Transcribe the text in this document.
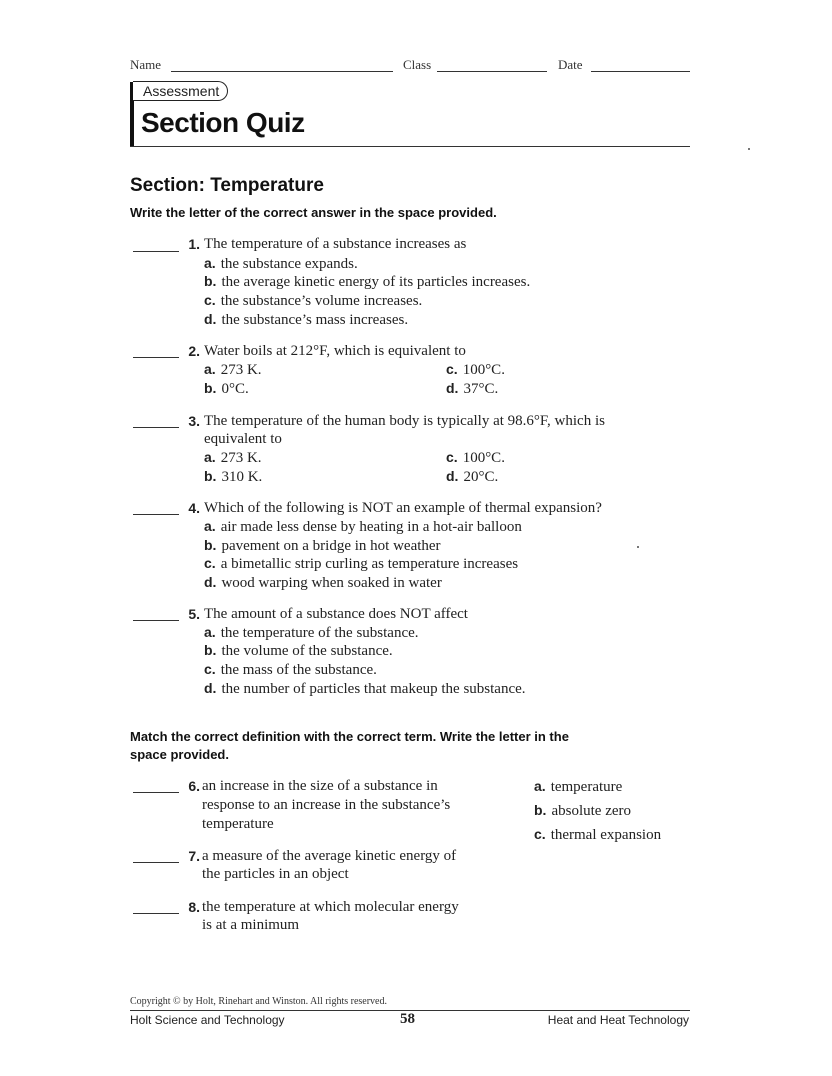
Name	Class	Date
Assessment
Section Quiz
Section: Temperature
Write the letter of the correct answer in the space provided.
1. The temperature of a substance increases as
a. the substance expands.
b. the average kinetic energy of its particles increases.
c. the substance’s volume increases.
d. the substance’s mass increases.
2. Water boils at 212°F, which is equivalent to
a. 273 K.	c. 100°C.
b. 0°C.	d. 37°C.
3. The temperature of the human body is typically at 98.6°F, which is
equivalent to
a. 273 K.	c. 100°C.
b. 310 K.	d. 20°C.
4. Which of the following is NOT an example of thermal expansion?
a. air made less dense by heating in a hot-air balloon
b. pavement on a bridge in hot weather
c. a bimetallic strip curling as temperature increases
d. wood warping when soaked in water
5. The amount of a substance does NOT affect
a. the temperature of the substance.
b. the volume of the substance.
c. the mass of the substance.
d. the number of particles that makeup the substance.
Match the correct definition with the correct term. Write the letter in the
space provided.
6. an increase in the size of a substance in
response to an increase in the substance’s
temperature
7. a measure of the average kinetic energy of
the particles in an object
8. the temperature at which molecular energy
is at a minimum
a. temperature
b. absolute zero
c. thermal expansion
Copyright © by Holt, Rinehart and Winston. All rights reserved.
Holt Science and Technology	58	Heat and Heat Technology
